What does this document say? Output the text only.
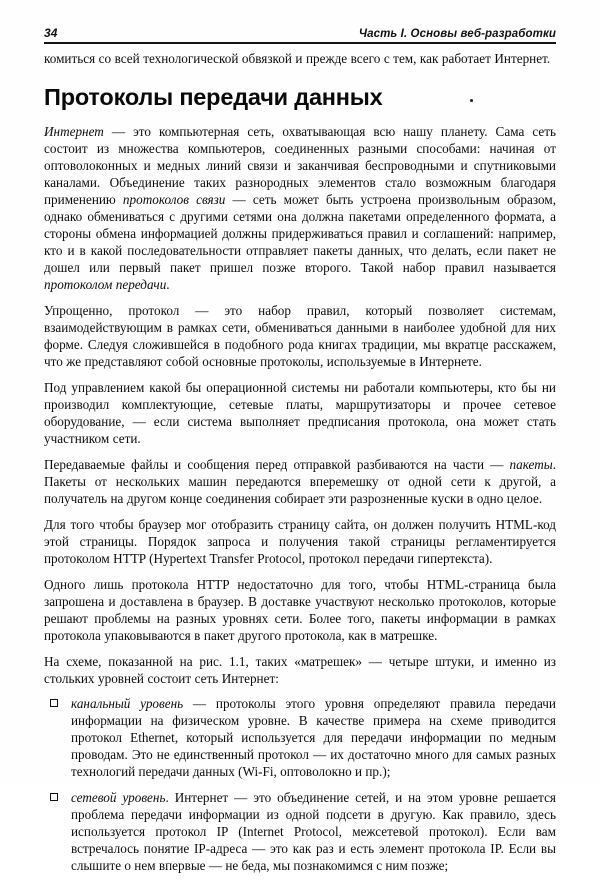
34	Часть I. Основы веб-разработки

комиться со всей технологической обвязкой и прежде всего с тем, как работает Интернет.

Протоколы передачи данных

Интернет — это компьютерная сеть, охватывающая всю нашу планету. Сама сеть состоит из множества компьютеров, соединенных разными способами: начиная от оптоволоконных и медных линий связи и заканчивая беспроводными и спутниковыми каналами. Объединение таких разнородных элементов стало возможным благодаря применению протоколов связи — сеть может быть устроена произвольным образом, однако обмениваться с другими сетями она должна пакетами определенного формата, а стороны обмена информацией должны придерживаться правил и соглашений: например, кто и в какой последовательности отправляет пакеты данных, что делать, если пакет не дошел или первый пакет пришел позже второго. Такой набор правил называется протоколом передачи.

Упрощенно, протокол — это набор правил, который позволяет системам, взаимодействующим в рамках сети, обмениваться данными в наиболее удобной для них форме. Следуя сложившейся в подобного рода книгах традиции, мы вкратце расскажем, что же представляют собой основные протоколы, используемые в Интернете.

Под управлением какой бы операционной системы ни работали компьютеры, кто бы ни производил комплектующие, сетевые платы, маршрутизаторы и прочее сетевое оборудование, — если система выполняет предписания протокола, она может стать участником сети.

Передаваемые файлы и сообщения перед отправкой разбиваются на части — пакеты. Пакеты от нескольких машин передаются вперемешку от одной сети к другой, а получатель на другом конце соединения собирает эти разрозненные куски в одно целое.

Для того чтобы браузер мог отобразить страницу сайта, он должен получить HTML-код этой страницы. Порядок запроса и получения такой страницы регламентируется протоколом HTTP (Hypertext Transfer Protocol, протокол передачи гипертекста).

Одного лишь протокола HTTP недостаточно для того, чтобы HTML-страница была запрошена и доставлена в браузер. В доставке участвуют несколько протоколов, которые решают проблемы на разных уровнях сети. Более того, пакеты информации в рамках протокола упаковываются в пакет другого протокола, как в матрешке.

На схеме, показанной на рис. 1.1, таких «матрешек» — четыре штуки, и именно из стольких уровней состоит сеть Интернет:

канальный уровень — протоколы этого уровня определяют правила передачи информации на физическом уровне. В качестве примера на схеме приводится протокол Ethernet, который используется для передачи информации по медным проводам. Это не единственный протокол — их достаточно много для самых разных технологий передачи данных (Wi-Fi, оптоволокно и пр.);
сетевой уровень. Интернет — это объединение сетей, и на этом уровне решается проблема передачи информации из одной подсети в другую. Как правило, здесь используется протокол IP (Internet Protocol, межсетевой протокол). Если вам встречалось понятие IP-адреса — это как раз и есть элемент протокола IP. Если вы слышите о нем впервые — не беда, мы познакомимся с ним позже;
